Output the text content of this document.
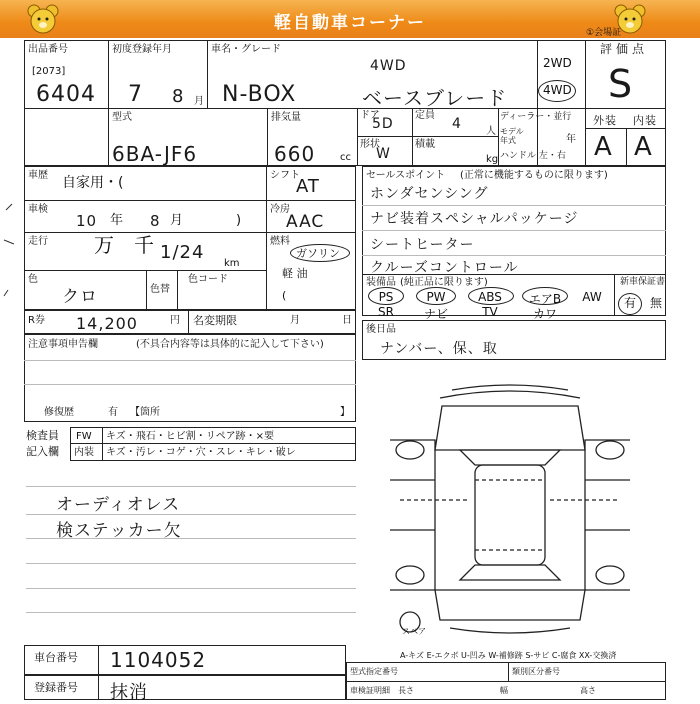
軽自動車コーナー	①会場証
出品番号
[2073]
6404
初度登録年月
7 8 月
車名・グレード
4WD
N-BOX	ベースブレード
2WD
4WD
評価点
S
外装 内装
A A
型式
6BA-JF6
排気量
660 cc
ドア
5D
定員
4 人
形状
W
積載
kg
ディーラー・並行
モデル年式	年
ハンドル 左・右
車歴 自家用・(	シフト
AT
車検
10 年 8 月	)
冷房
AAC
走行 万 千 1/24
km
燃料
ガソリン
軽 油
(
色
クロ	色替
色コード
R券 14,200	円 名変期限	月	日
注意事項申告欄	(不具合内容等は具体的に記入して下さい)
修復歴	有 【箇所	】
セールスポイント (正常に機能するものに限ります)
ホンダセンシング
ナビ装着スペシャルパッケージ
シートヒーター
クルーズコントロール
装備品 (純正品に限ります)	新車保証書
PS	PW	ABS	エアB	AW
SR	ナビ	TV	カワ
有 無
後日品
ナンバー、保、取
検査員
記入欄
FW キズ・飛石・ヒビ割・リペア跡・×要
内装 キズ・汚レ・コゲ・穴・スレ・キレ・破レ
オーディオレス
検ステッカー欠
スペア
A-キズ E-エクボ U-凹み W-補修跡 S-サビ C-腐食 XX-交換済
車台番号 1104052
登録番号 抹消
型式指定番号	類別区分番号
車検証明細 長さ	幅	高さ
